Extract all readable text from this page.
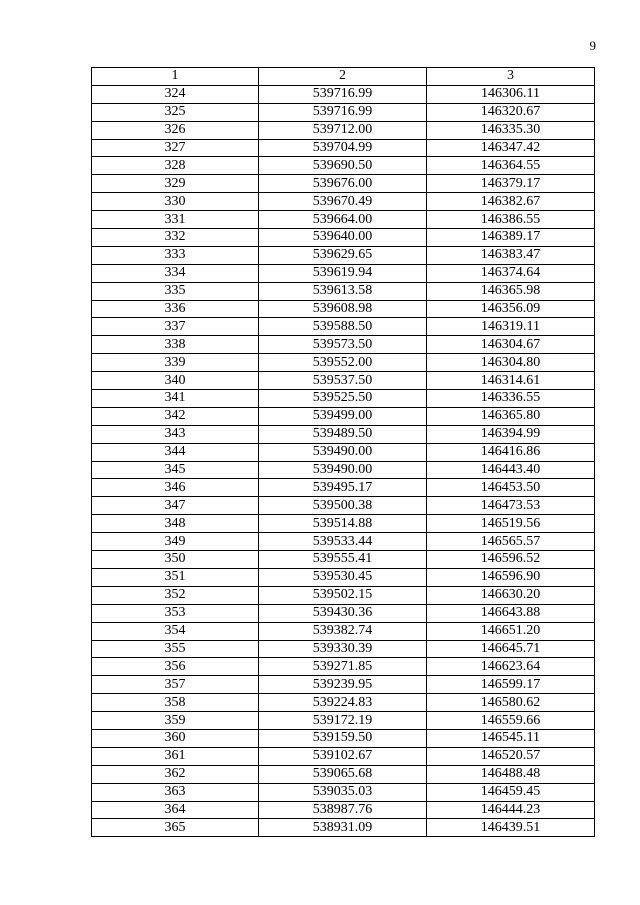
9
1	2	3
324	539716.99	146306.11
325	539716.99	146320.67
326	539712.00	146335.30
327	539704.99	146347.42
328	539690.50	146364.55
329	539676.00	146379.17
330	539670.49	146382.67
331	539664.00	146386.55
332	539640.00	146389.17
333	539629.65	146383.47
334	539619.94	146374.64
335	539613.58	146365.98
336	539608.98	146356.09
337	539588.50	146319.11
338	539573.50	146304.67
339	539552.00	146304.80
340	539537.50	146314.61
341	539525.50	146336.55
342	539499.00	146365.80
343	539489.50	146394.99
344	539490.00	146416.86
345	539490.00	146443.40
346	539495.17	146453.50
347	539500.38	146473.53
348	539514.88	146519.56
349	539533.44	146565.57
350	539555.41	146596.52
351	539530.45	146596.90
352	539502.15	146630.20
353	539430.36	146643.88
354	539382.74	146651.20
355	539330.39	146645.71
356	539271.85	146623.64
357	539239.95	146599.17
358	539224.83	146580.62
359	539172.19	146559.66
360	539159.50	146545.11
361	539102.67	146520.57
362	539065.68	146488.48
363	539035.03	146459.45
364	538987.76	146444.23
365	538931.09	146439.51
